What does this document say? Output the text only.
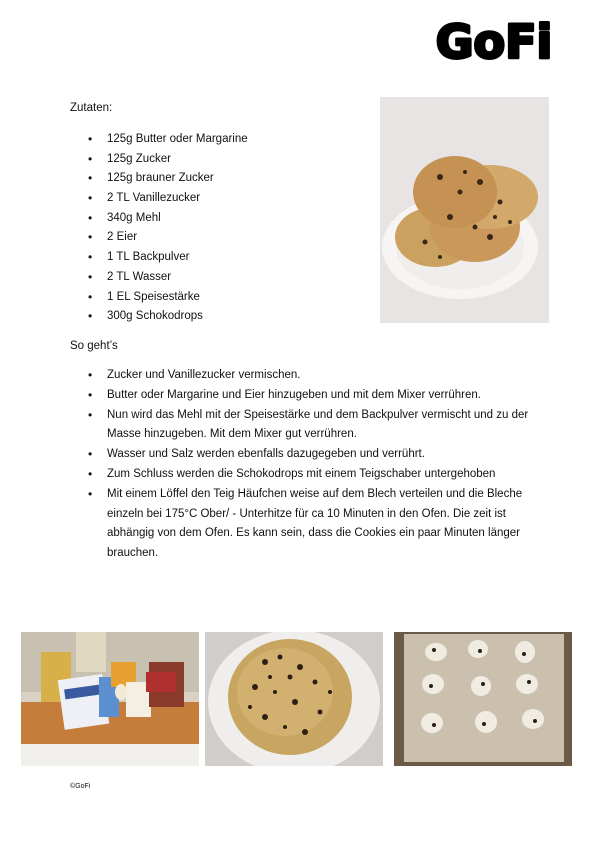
GoFi
Zutaten:
• 125g Butter oder Margarine
• 125g Zucker
• 125g brauner Zucker
• 2 TL Vanillezucker
• 340g Mehl
• 2 Eier
• 1 TL Backpulver
• 2 TL Wasser
• 1 EL Speisestärke
• 300g Schokodrops
So geht’s
• Zucker und Vanillezucker vermischen.
• Butter oder Margarine und Eier hinzugeben und mit dem Mixer verrühren.
• Nun wird das Mehl mit der Speisestärke und dem Backpulver vermischt und zu der Masse hinzugeben. Mit dem Mixer gut verrühren.
• Wasser und Salz werden ebenfalls dazugegeben und verrührt.
• Zum Schluss werden die Schokodrops mit einem Teigschaber untergehoben
• Mit einem Löffel den Teig Häufchen weise auf dem Blech verteilen und die Bleche einzeln bei 175°C Ober/ - Unterhitze für ca 10 Minuten in den Ofen. Die zeit ist abhängig von dem Ofen. Es kann sein, dass die Cookies ein paar Minuten länger brauchen.
©GoFi
